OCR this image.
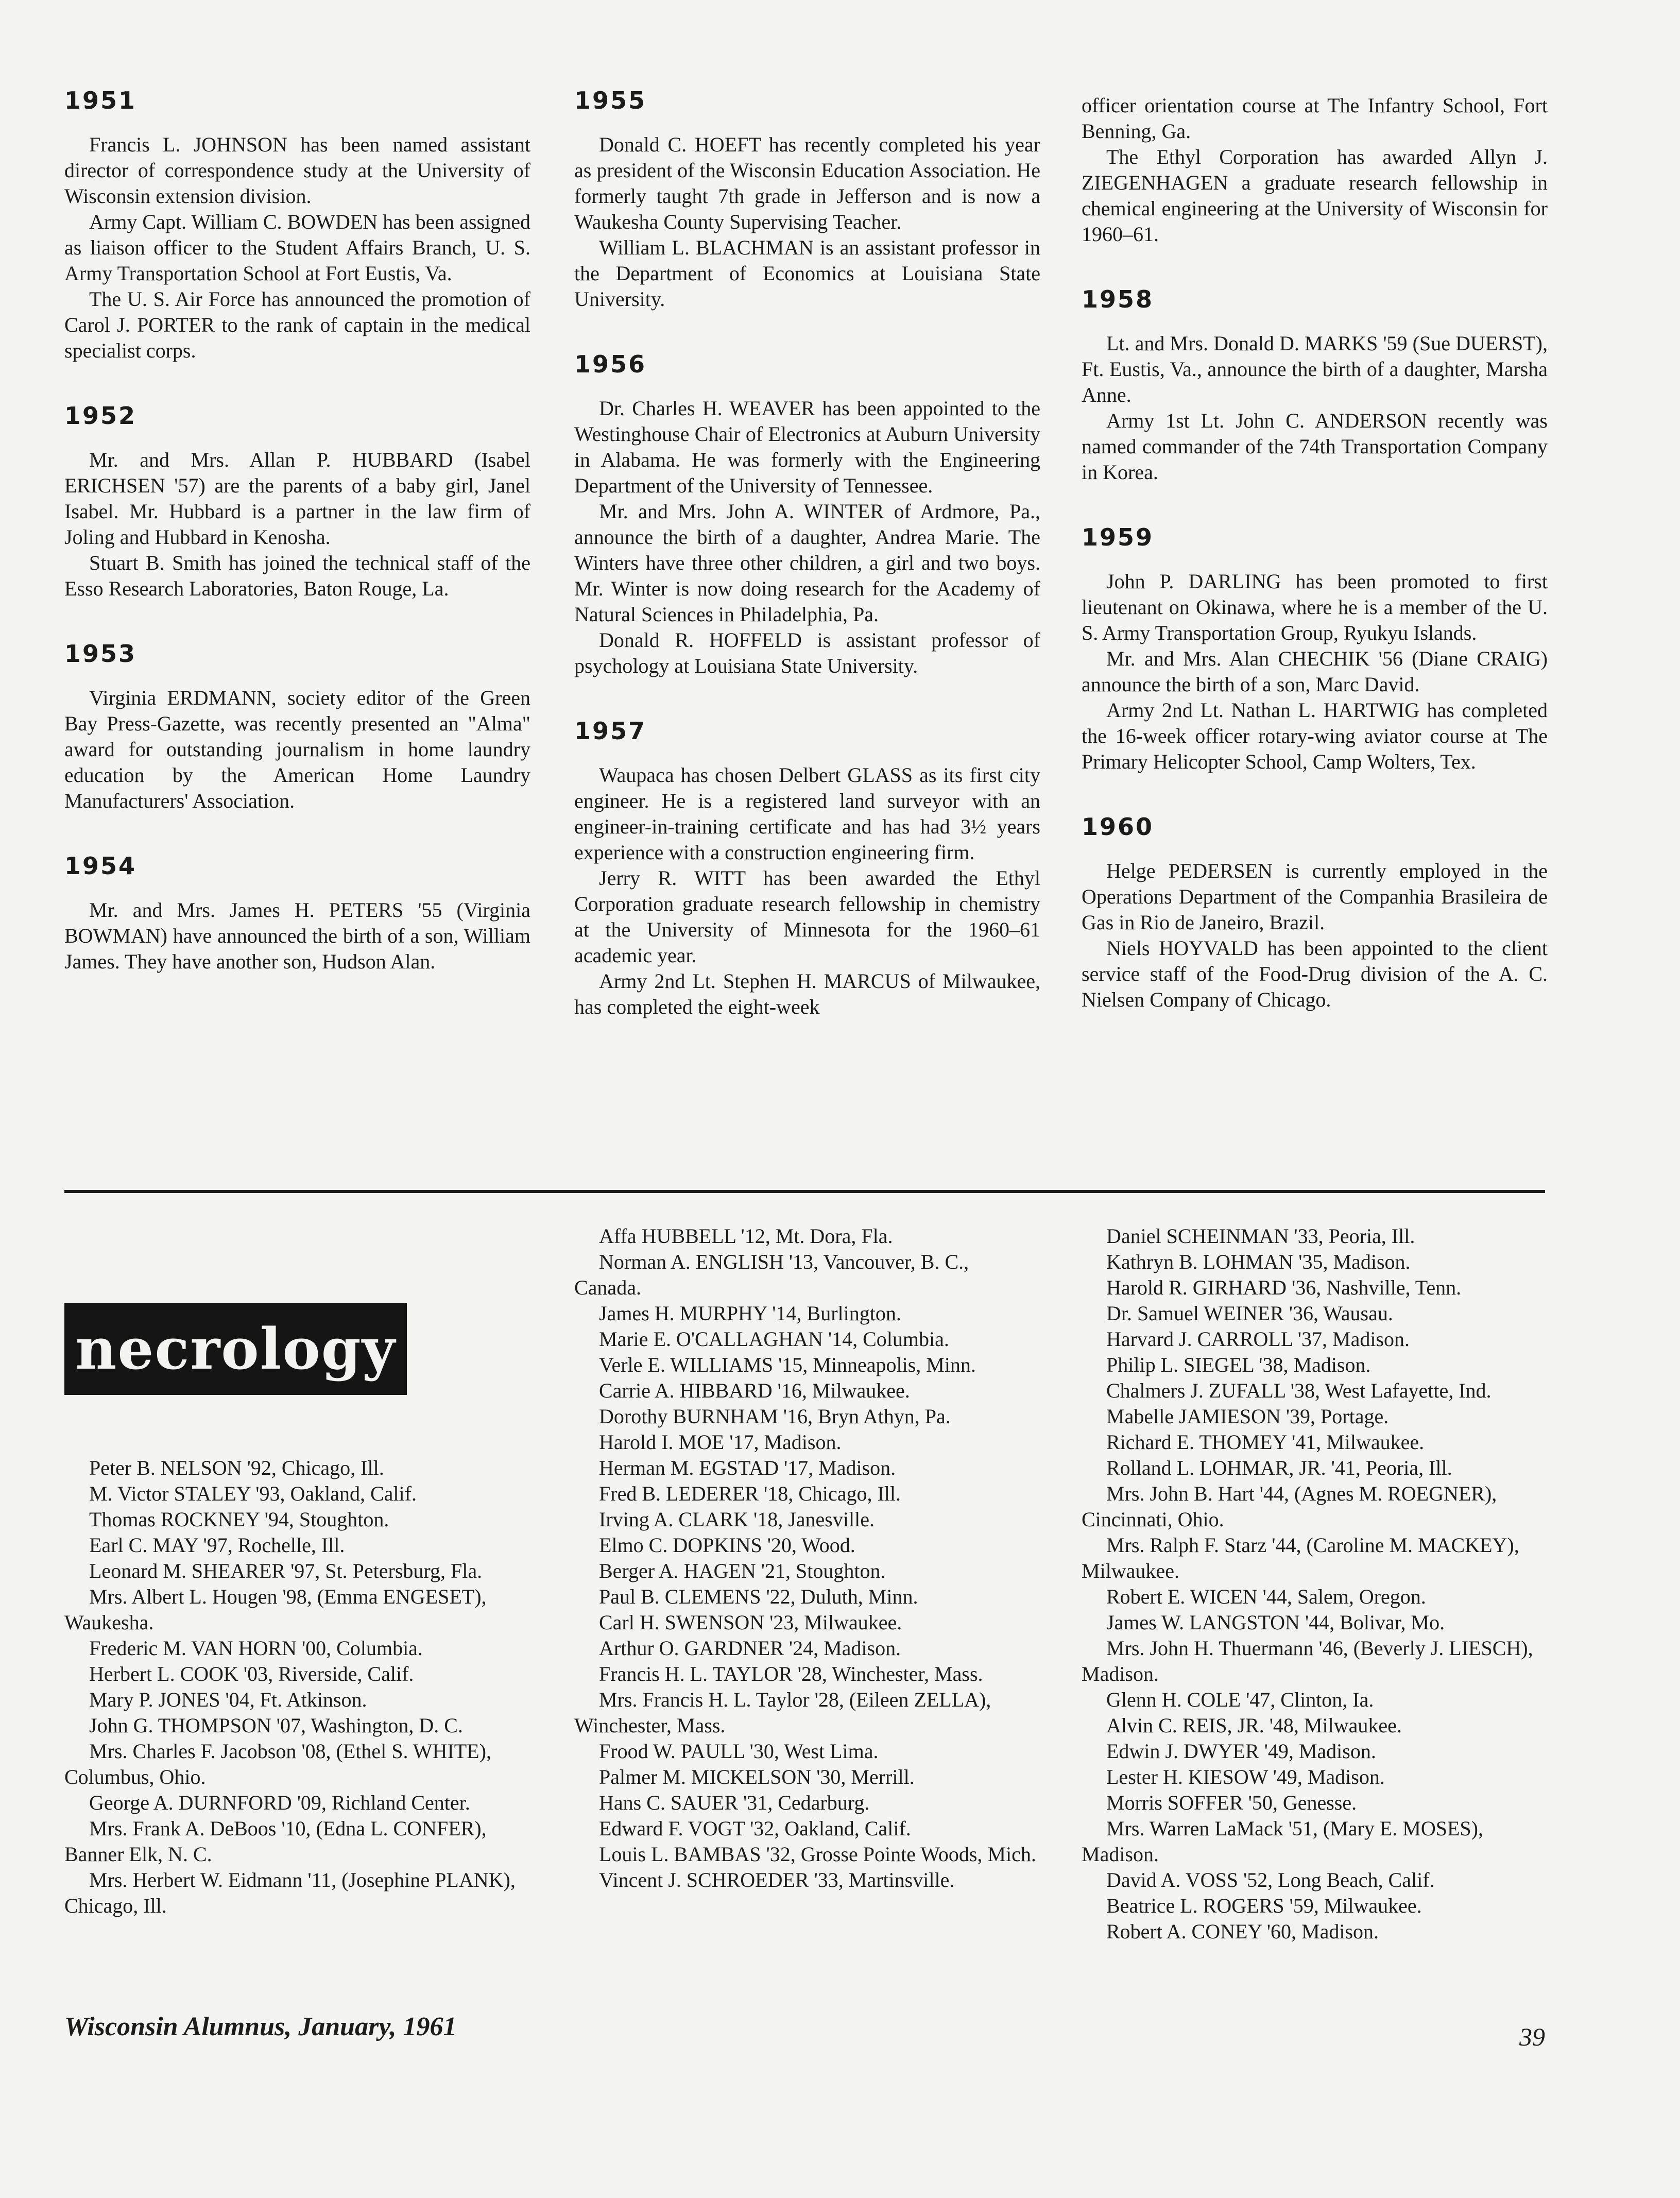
1951

Francis L. JOHNSON has been named assistant director of correspondence study at the University of Wisconsin extension division.

Army Capt. William C. BOWDEN has been assigned as liaison officer to the Student Affairs Branch, U. S. Army Transportation School at Fort Eustis, Va.

The U. S. Air Force has announced the promotion of Carol J. PORTER to the rank of captain in the medical specialist corps.

1952

Mr. and Mrs. Allan P. HUBBARD (Isabel ERICHSEN '57) are the parents of a baby girl, Janel Isabel. Mr. Hubbard is a partner in the law firm of Joling and Hubbard in Kenosha.

Stuart B. Smith has joined the technical staff of the Esso Research Laboratories, Baton Rouge, La.

1953

Virginia ERDMANN, society editor of the Green Bay Press-Gazette, was recently presented an "Alma" award for outstanding journalism in home laundry education by the American Home Laundry Manufacturers' Association.

1954

Mr. and Mrs. James H. PETERS '55 (Virginia BOWMAN) have announced the birth of a son, William James. They have another son, Hudson Alan.

1955

Donald C. HOEFT has recently completed his year as president of the Wisconsin Education Association. He formerly taught 7th grade in Jefferson and is now a Waukesha County Supervising Teacher.

William L. BLACHMAN is an assistant professor in the Department of Economics at Louisiana State University.

1956

Dr. Charles H. WEAVER has been appointed to the Westinghouse Chair of Electronics at Auburn University in Alabama. He was formerly with the Engineering Department of the University of Tennessee.

Mr. and Mrs. John A. WINTER of Ardmore, Pa., announce the birth of a daughter, Andrea Marie. The Winters have three other children, a girl and two boys. Mr. Winter is now doing research for the Academy of Natural Sciences in Philadelphia, Pa.

Donald R. HOFFELD is assistant professor of psychology at Louisiana State University.

1957

Waupaca has chosen Delbert GLASS as its first city engineer. He is a registered land surveyor with an engineer-in-training certificate and has had 3½ years experience with a construction engineering firm.

Jerry R. WITT has been awarded the Ethyl Corporation graduate research fellowship in chemistry at the University of Minnesota for the 1960–61 academic year.

Army 2nd Lt. Stephen H. MARCUS of Milwaukee, has completed the eight-week

officer orientation course at The Infantry School, Fort Benning, Ga.

The Ethyl Corporation has awarded Allyn J. ZIEGENHAGEN a graduate research fellowship in chemical engineering at the University of Wisconsin for 1960–61.

1958

Lt. and Mrs. Donald D. MARKS '59 (Sue DUERST), Ft. Eustis, Va., announce the birth of a daughter, Marsha Anne.

Army 1st Lt. John C. ANDERSON recently was named commander of the 74th Transportation Company in Korea.

1959

John P. DARLING has been promoted to first lieutenant on Okinawa, where he is a member of the U. S. Army Transportation Group, Ryukyu Islands.

Mr. and Mrs. Alan CHECHIK '56 (Diane CRAIG) announce the birth of a son, Marc David.

Army 2nd Lt. Nathan L. HARTWIG has completed the 16-week officer rotary-wing aviator course at The Primary Helicopter School, Camp Wolters, Tex.

1960

Helge PEDERSEN is currently employed in the Operations Department of the Companhia Brasileira de Gas in Rio de Janeiro, Brazil.

Niels HOYVALD has been appointed to the client service staff of the Food-Drug division of the A. C. Nielsen Company of Chicago.

necrology

Peter B. NELSON '92, Chicago, Ill.

M. Victor STALEY '93, Oakland, Calif.

Thomas ROCKNEY '94, Stoughton.

Earl C. MAY '97, Rochelle, Ill.

Leonard M. SHEARER '97, St. Petersburg, Fla.

Mrs. Albert L. Hougen '98, (Emma ENGESET), Waukesha.

Frederic M. VAN HORN '00, Columbia.

Herbert L. COOK '03, Riverside, Calif.

Mary P. JONES '04, Ft. Atkinson.

John G. THOMPSON '07, Washington, D. C.

Mrs. Charles F. Jacobson '08, (Ethel S. WHITE), Columbus, Ohio.

George A. DURNFORD '09, Richland Center.

Mrs. Frank A. DeBoos '10, (Edna L. CONFER), Banner Elk, N. C.

Mrs. Herbert W. Eidmann '11, (Josephine PLANK), Chicago, Ill.

Affa HUBBELL '12, Mt. Dora, Fla.

Norman A. ENGLISH '13, Vancouver, B. C., Canada.

James H. MURPHY '14, Burlington.

Marie E. O'CALLAGHAN '14, Columbia.

Verle E. WILLIAMS '15, Minneapolis, Minn.

Carrie A. HIBBARD '16, Milwaukee.

Dorothy BURNHAM '16, Bryn Athyn, Pa.

Harold I. MOE '17, Madison.

Herman M. EGSTAD '17, Madison.

Fred B. LEDERER '18, Chicago, Ill.

Irving A. CLARK '18, Janesville.

Elmo C. DOPKINS '20, Wood.

Berger A. HAGEN '21, Stoughton.

Paul B. CLEMENS '22, Duluth, Minn.

Carl H. SWENSON '23, Milwaukee.

Arthur O. GARDNER '24, Madison.

Francis H. L. TAYLOR '28, Winchester, Mass.

Mrs. Francis H. L. Taylor '28, (Eileen ZELLA), Winchester, Mass.

Frood W. PAULL '30, West Lima.

Palmer M. MICKELSON '30, Merrill.

Hans C. SAUER '31, Cedarburg.

Edward F. VOGT '32, Oakland, Calif.

Louis L. BAMBAS '32, Grosse Pointe Woods, Mich.

Vincent J. SCHROEDER '33, Martinsville.

Daniel SCHEINMAN '33, Peoria, Ill.

Kathryn B. LOHMAN '35, Madison.

Harold R. GIRHARD '36, Nashville, Tenn.

Dr. Samuel WEINER '36, Wausau.

Harvard J. CARROLL '37, Madison.

Philip L. SIEGEL '38, Madison.

Chalmers J. ZUFALL '38, West Lafayette, Ind.

Mabelle JAMIESON '39, Portage.

Richard E. THOMEY '41, Milwaukee.

Rolland L. LOHMAR, JR. '41, Peoria, Ill.

Mrs. John B. Hart '44, (Agnes M. ROEGNER), Cincinnati, Ohio.

Mrs. Ralph F. Starz '44, (Caroline M. MACKEY), Milwaukee.

Robert E. WICEN '44, Salem, Oregon.

James W. LANGSTON '44, Bolivar, Mo.

Mrs. John H. Thuermann '46, (Beverly J. LIESCH), Madison.

Glenn H. COLE '47, Clinton, Ia.

Alvin C. REIS, JR. '48, Milwaukee.

Edwin J. DWYER '49, Madison.

Lester H. KIESOW '49, Madison.

Morris SOFFER '50, Genesse.

Mrs. Warren LaMack '51, (Mary E. MOSES), Madison.

David A. VOSS '52, Long Beach, Calif.

Beatrice L. ROGERS '59, Milwaukee.

Robert A. CONEY '60, Madison.

Wisconsin Alumnus, January, 1961	39
